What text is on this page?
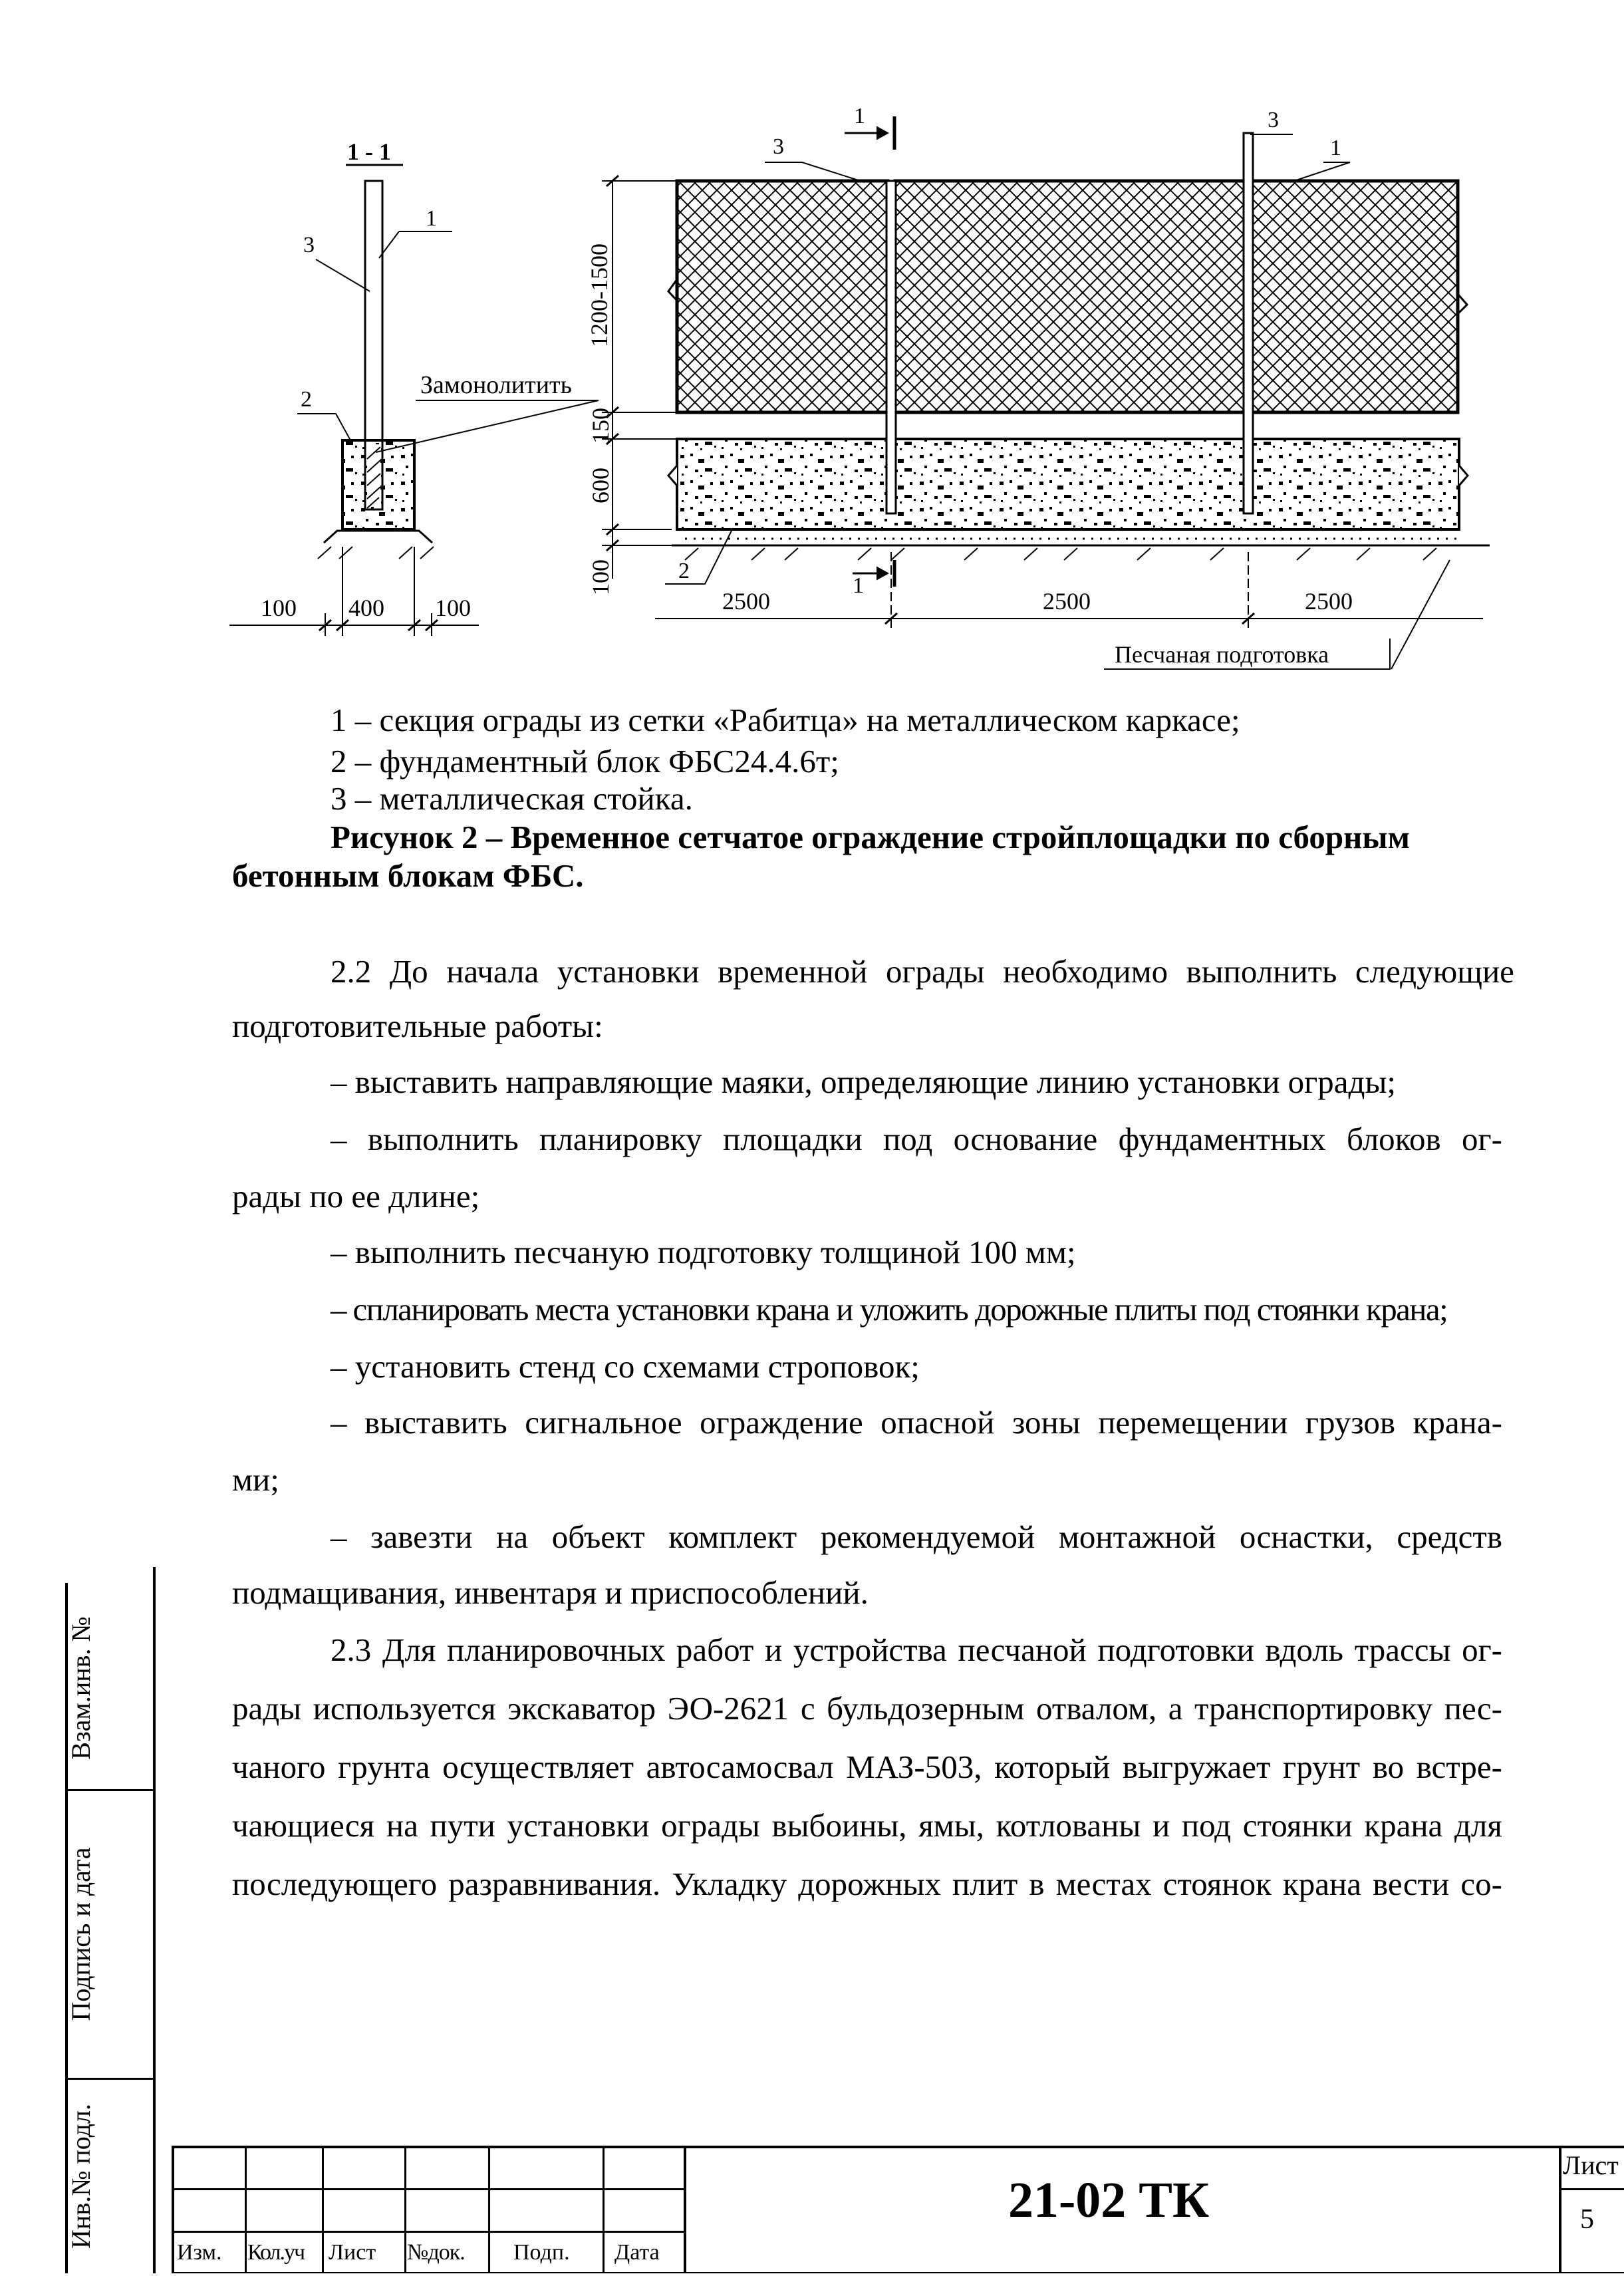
1 - 1
3
1
2
Замонолитить
100 400 100
1
3
3
1
2
1
1200-1500
150
600
100
2500	2500	2500
Песчаная подготовка
1 – секция ограды из сетки «Рабитца» на металлическом каркасе;
2 – фундаментный блок ФБС24.4.6т;
3 – металлическая стойка.
Рисунок 2 – Временное сетчатое ограждение стройплощадки по сборным
бетонным блокам ФБС.
2.2 До начала установки временной ограды необходимо выполнить следующие
подготовительные работы:
– выставить направляющие маяки, определяющие линию установки ограды;
– выполнить планировку площадки под основание фундаментных блоков ог-
рады по ее длине;
– выполнить песчаную подготовку толщиной 100 мм;
– спланировать места установки крана и уложить дорожные плиты под стоянки крана;
– установить стенд со схемами строповок;
– выставить сигнальное ограждение опасной зоны перемещении грузов крана-
ми;
– завезти на объект комплект рекомендуемой монтажной оснастки, средств
подмащивания, инвентаря и приспособлений.
2.3 Для планировочных работ и устройства песчаной подготовки вдоль трассы ог-
рады используется экскаватор ЭО-2621 с бульдозерным отвалом, а транспортировку пес-
чаного грунта осуществляет автосамосвал МАЗ-503, который выгружает грунт во встре-
чающиеся на пути установки ограды выбоины, ямы, котлованы и под стоянки крана для
последующего разравнивания. Укладку дорожных плит в местах стоянок крана вести со-
Взам.инв. №
Подпись и дата
Инв.№ подл.
Изм. Кол.уч Лист №док. Подп. Дата
21-02 ТК
Лист
5
